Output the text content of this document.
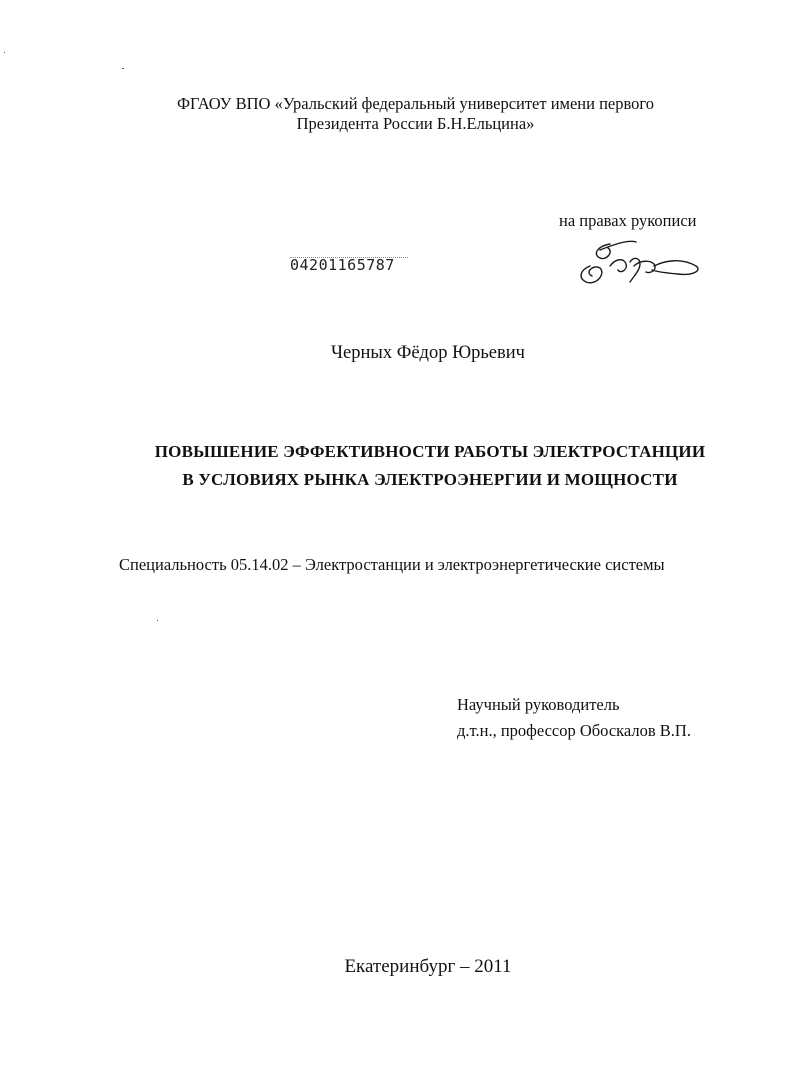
ФГАОУ ВПО «Уральский федеральный университет имени первого
Президента России Б.Н.Ельцина»
на правах рукописи
04201165787
Черных Фёдор Юрьевич
ПОВЫШЕНИЕ ЭФФЕКТИВНОСТИ РАБОТЫ ЭЛЕКТРОСТАНЦИИ
В УСЛОВИЯХ РЫНКА ЭЛЕКТРОЭНЕРГИИ И МОЩНОСТИ
Специальность 05.14.02 – Электростанции и электроэнергетические системы
Научный руководитель
д.т.н., профессор Обоскалов В.П.
Екатеринбург – 2011
